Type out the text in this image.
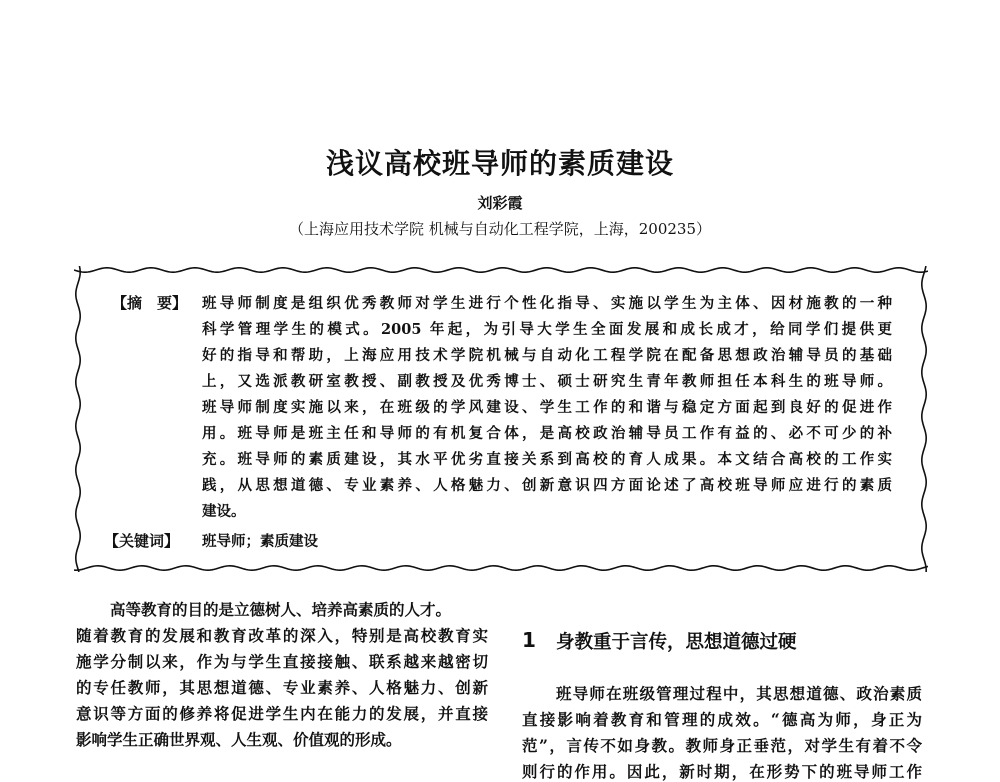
浅议高校班导师的素质建设
刘彩霞
（上海应用技术学院 机械与自动化工程学院，上海，200235）
【摘　要】 班导师制度是组织优秀教师对学生进行个性化指导、实施以学生为主体、因材施教的一种
科学管理学生的模式。2005 年起，为引导大学生全面发展和成长成才，给同学们提供更
好的指导和帮助，上海应用技术学院机械与自动化工程学院在配备思想政治辅导员的基础
上，又选派教研室教授、副教授及优秀博士、硕士研究生青年教师担任本科生的班导师。
班导师制度实施以来，在班级的学风建设、学生工作的和谐与稳定方面起到良好的促进作
用。班导师是班主任和导师的有机复合体，是高校政治辅导员工作有益的、必不可少的补
充。班导师的素质建设，其水平优劣直接关系到高校的育人成果。本文结合高校的工作实
践，从思想道德、专业素养、人格魅力、创新意识四方面论述了高校班导师应进行的素质
建设。
【关键词】 班导师；素质建设
高等教育的目的是立德树人、培养高素质的人才。
随着教育的发展和教育改革的深入，特别是高校教育实
施学分制以来，作为与学生直接接触、联系越来越密切
的专任教师，其思想道德、专业素养、人格魅力、创新
意识等方面的修养将促进学生内在能力的发展，并直接
影响学生正确世界观、人生观、价值观的形成。
1 身教重于言传，思想道德过硬
班导师在班级管理过程中，其思想道德、政治素质
直接影响着教育和管理的成效。“德高为师，身正为
范”，言传不如身教。教师身正垂范，对学生有着不令
则行的作用。因此，新时期，在形势下的班导师工作
